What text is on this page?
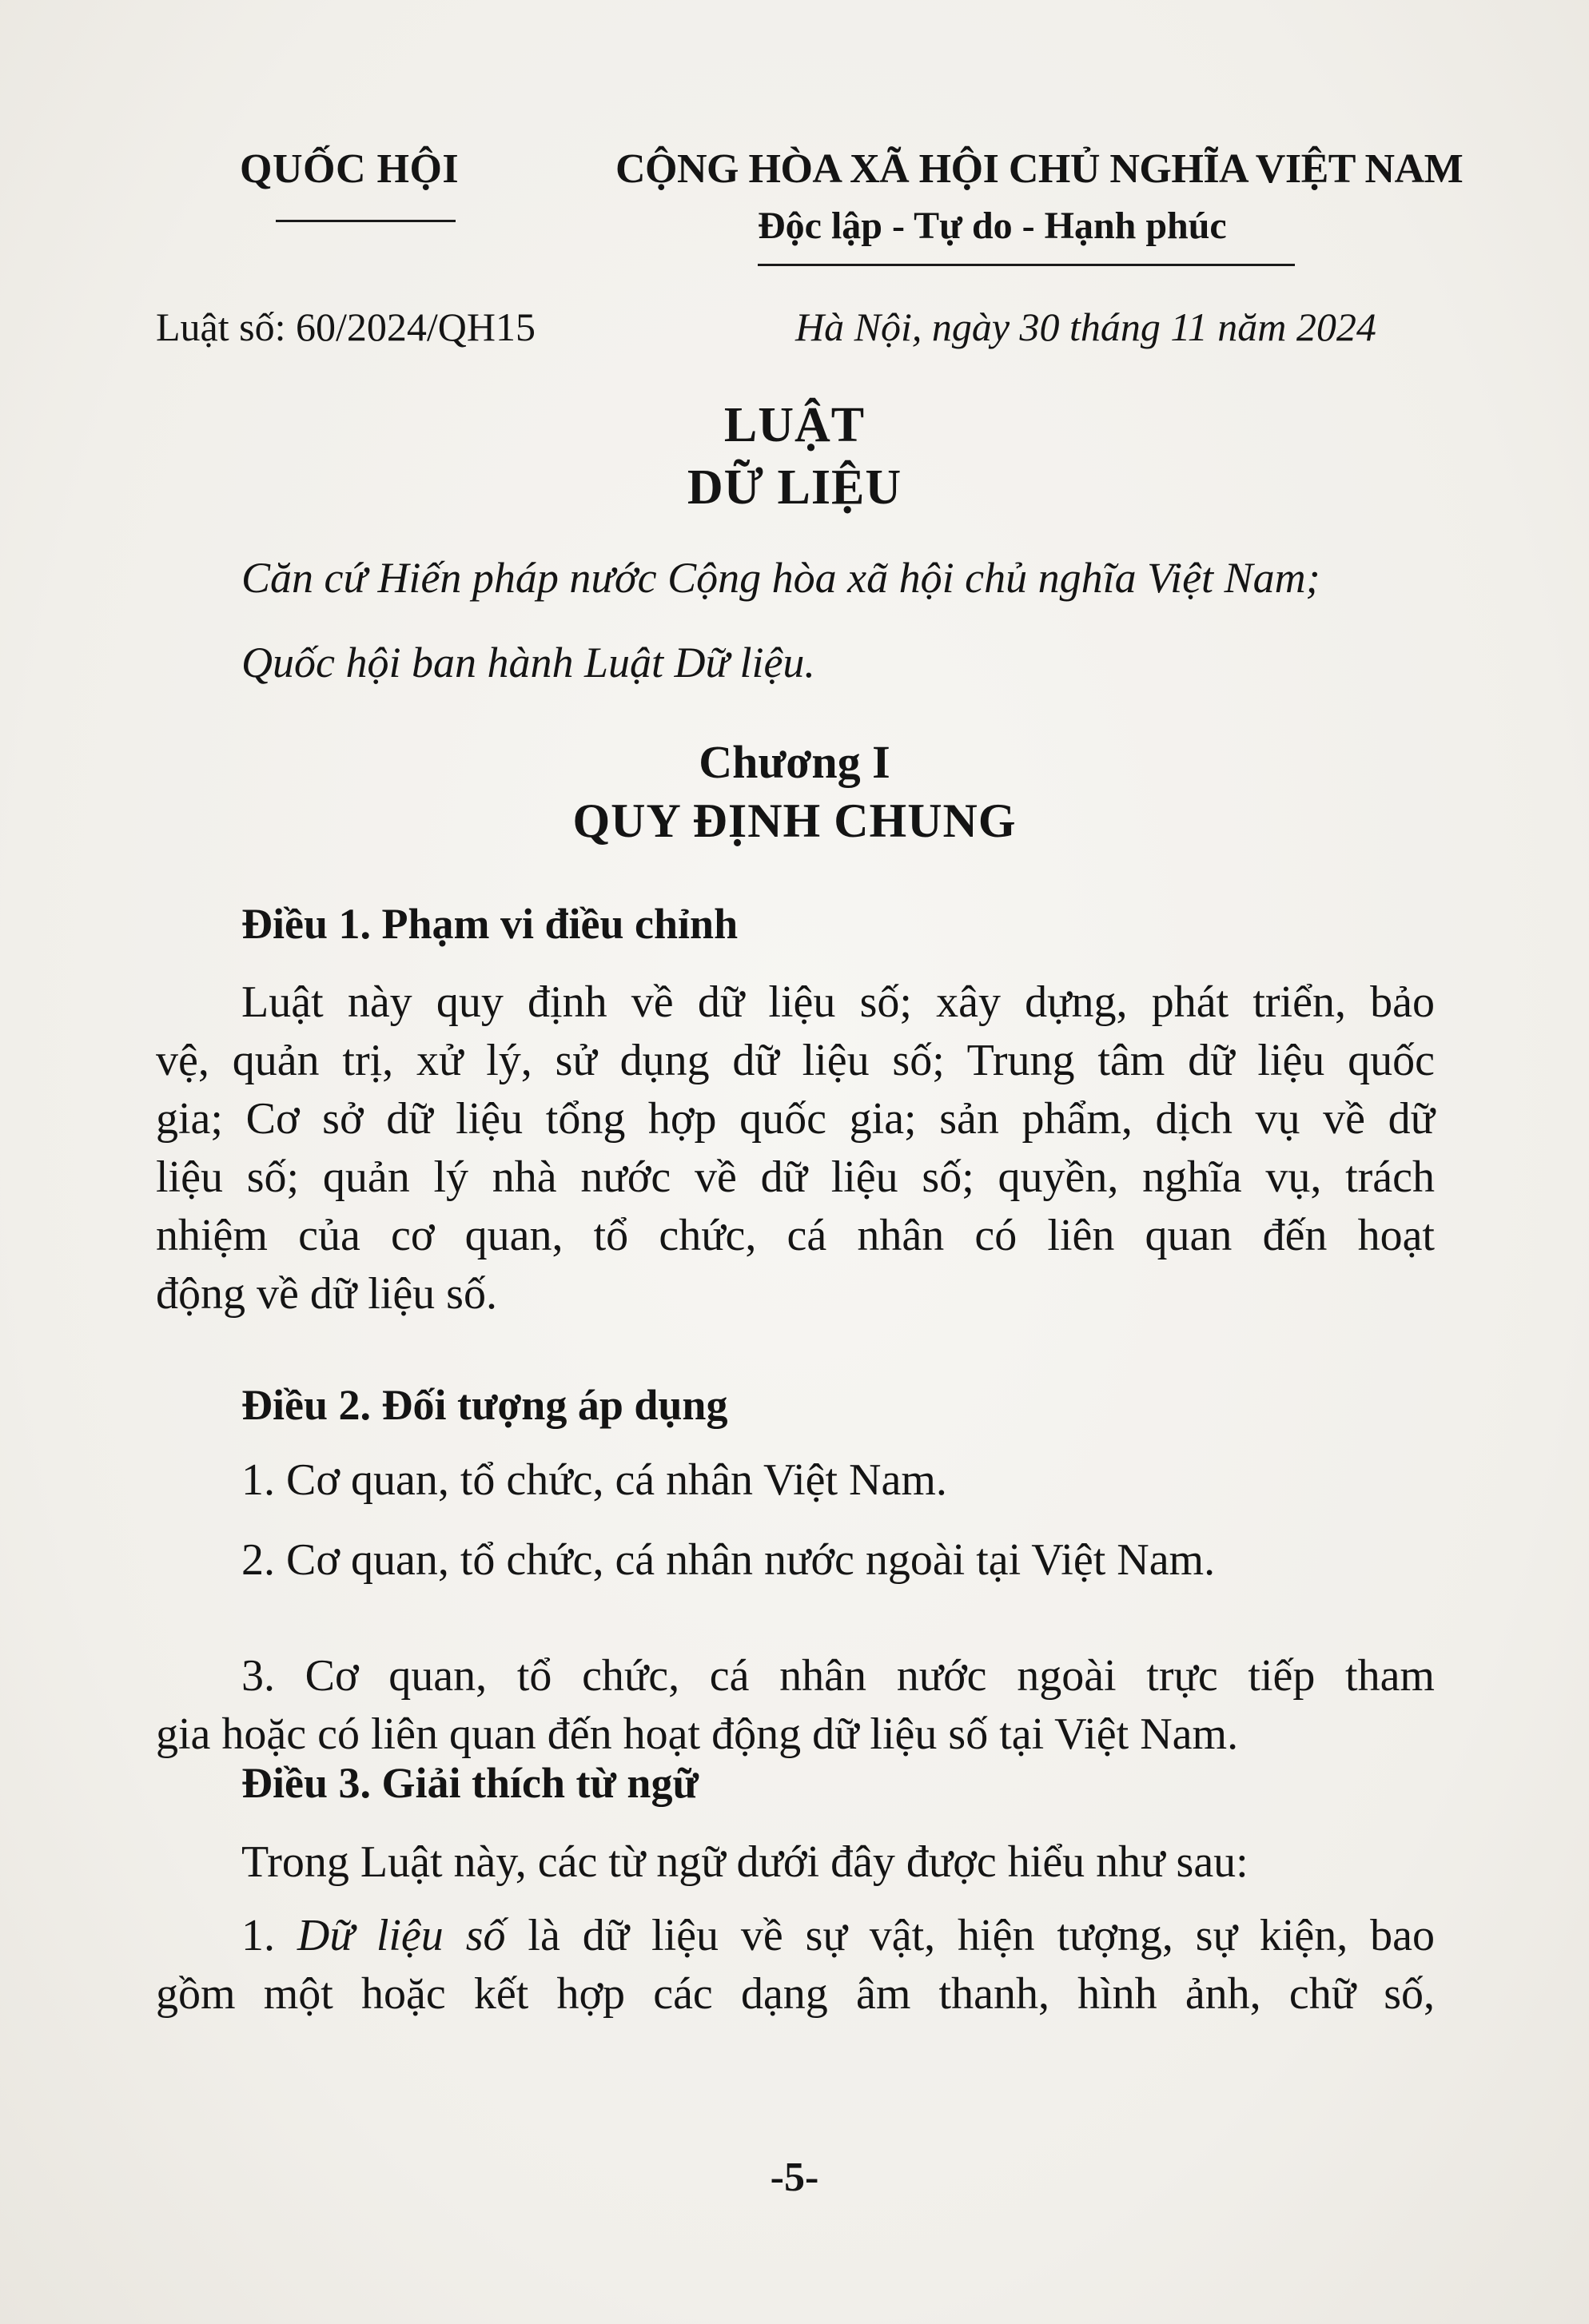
QUỐC HỘI	CỘNG HÒA XÃ HỘI CHỦ NGHĨA VIỆT NAM
Độc lập - Tự do - Hạnh phúc
Luật số: 60/2024/QH15	Hà Nội, ngày 30 tháng 11 năm 2024
LUẬT
DỮ LIỆU
Căn cứ Hiến pháp nước Cộng hòa xã hội chủ nghĩa Việt Nam;
Quốc hội ban hành Luật Dữ liệu.
Chương I
QUY ĐỊNH CHUNG
Điều 1. Phạm vi điều chỉnh
Luật này quy định về dữ liệu số; xây dựng, phát triển, bảo
vệ, quản trị, xử lý, sử dụng dữ liệu số; Trung tâm dữ liệu quốc
gia; Cơ sở dữ liệu tổng hợp quốc gia; sản phẩm, dịch vụ về dữ
liệu số; quản lý nhà nước về dữ liệu số; quyền, nghĩa vụ, trách
nhiệm của cơ quan, tổ chức, cá nhân có liên quan đến hoạt
động về dữ liệu số.
Điều 2. Đối tượng áp dụng
1. Cơ quan, tổ chức, cá nhân Việt Nam.
2. Cơ quan, tổ chức, cá nhân nước ngoài tại Việt Nam.
3. Cơ quan, tổ chức, cá nhân nước ngoài trực tiếp tham
gia hoặc có liên quan đến hoạt động dữ liệu số tại Việt Nam.
Điều 3. Giải thích từ ngữ
Trong Luật này, các từ ngữ dưới đây được hiểu như sau:
1. Dữ liệu số là dữ liệu về sự vật, hiện tượng, sự kiện, bao
gồm một hoặc kết hợp các dạng âm thanh, hình ảnh, chữ số,
-5-
